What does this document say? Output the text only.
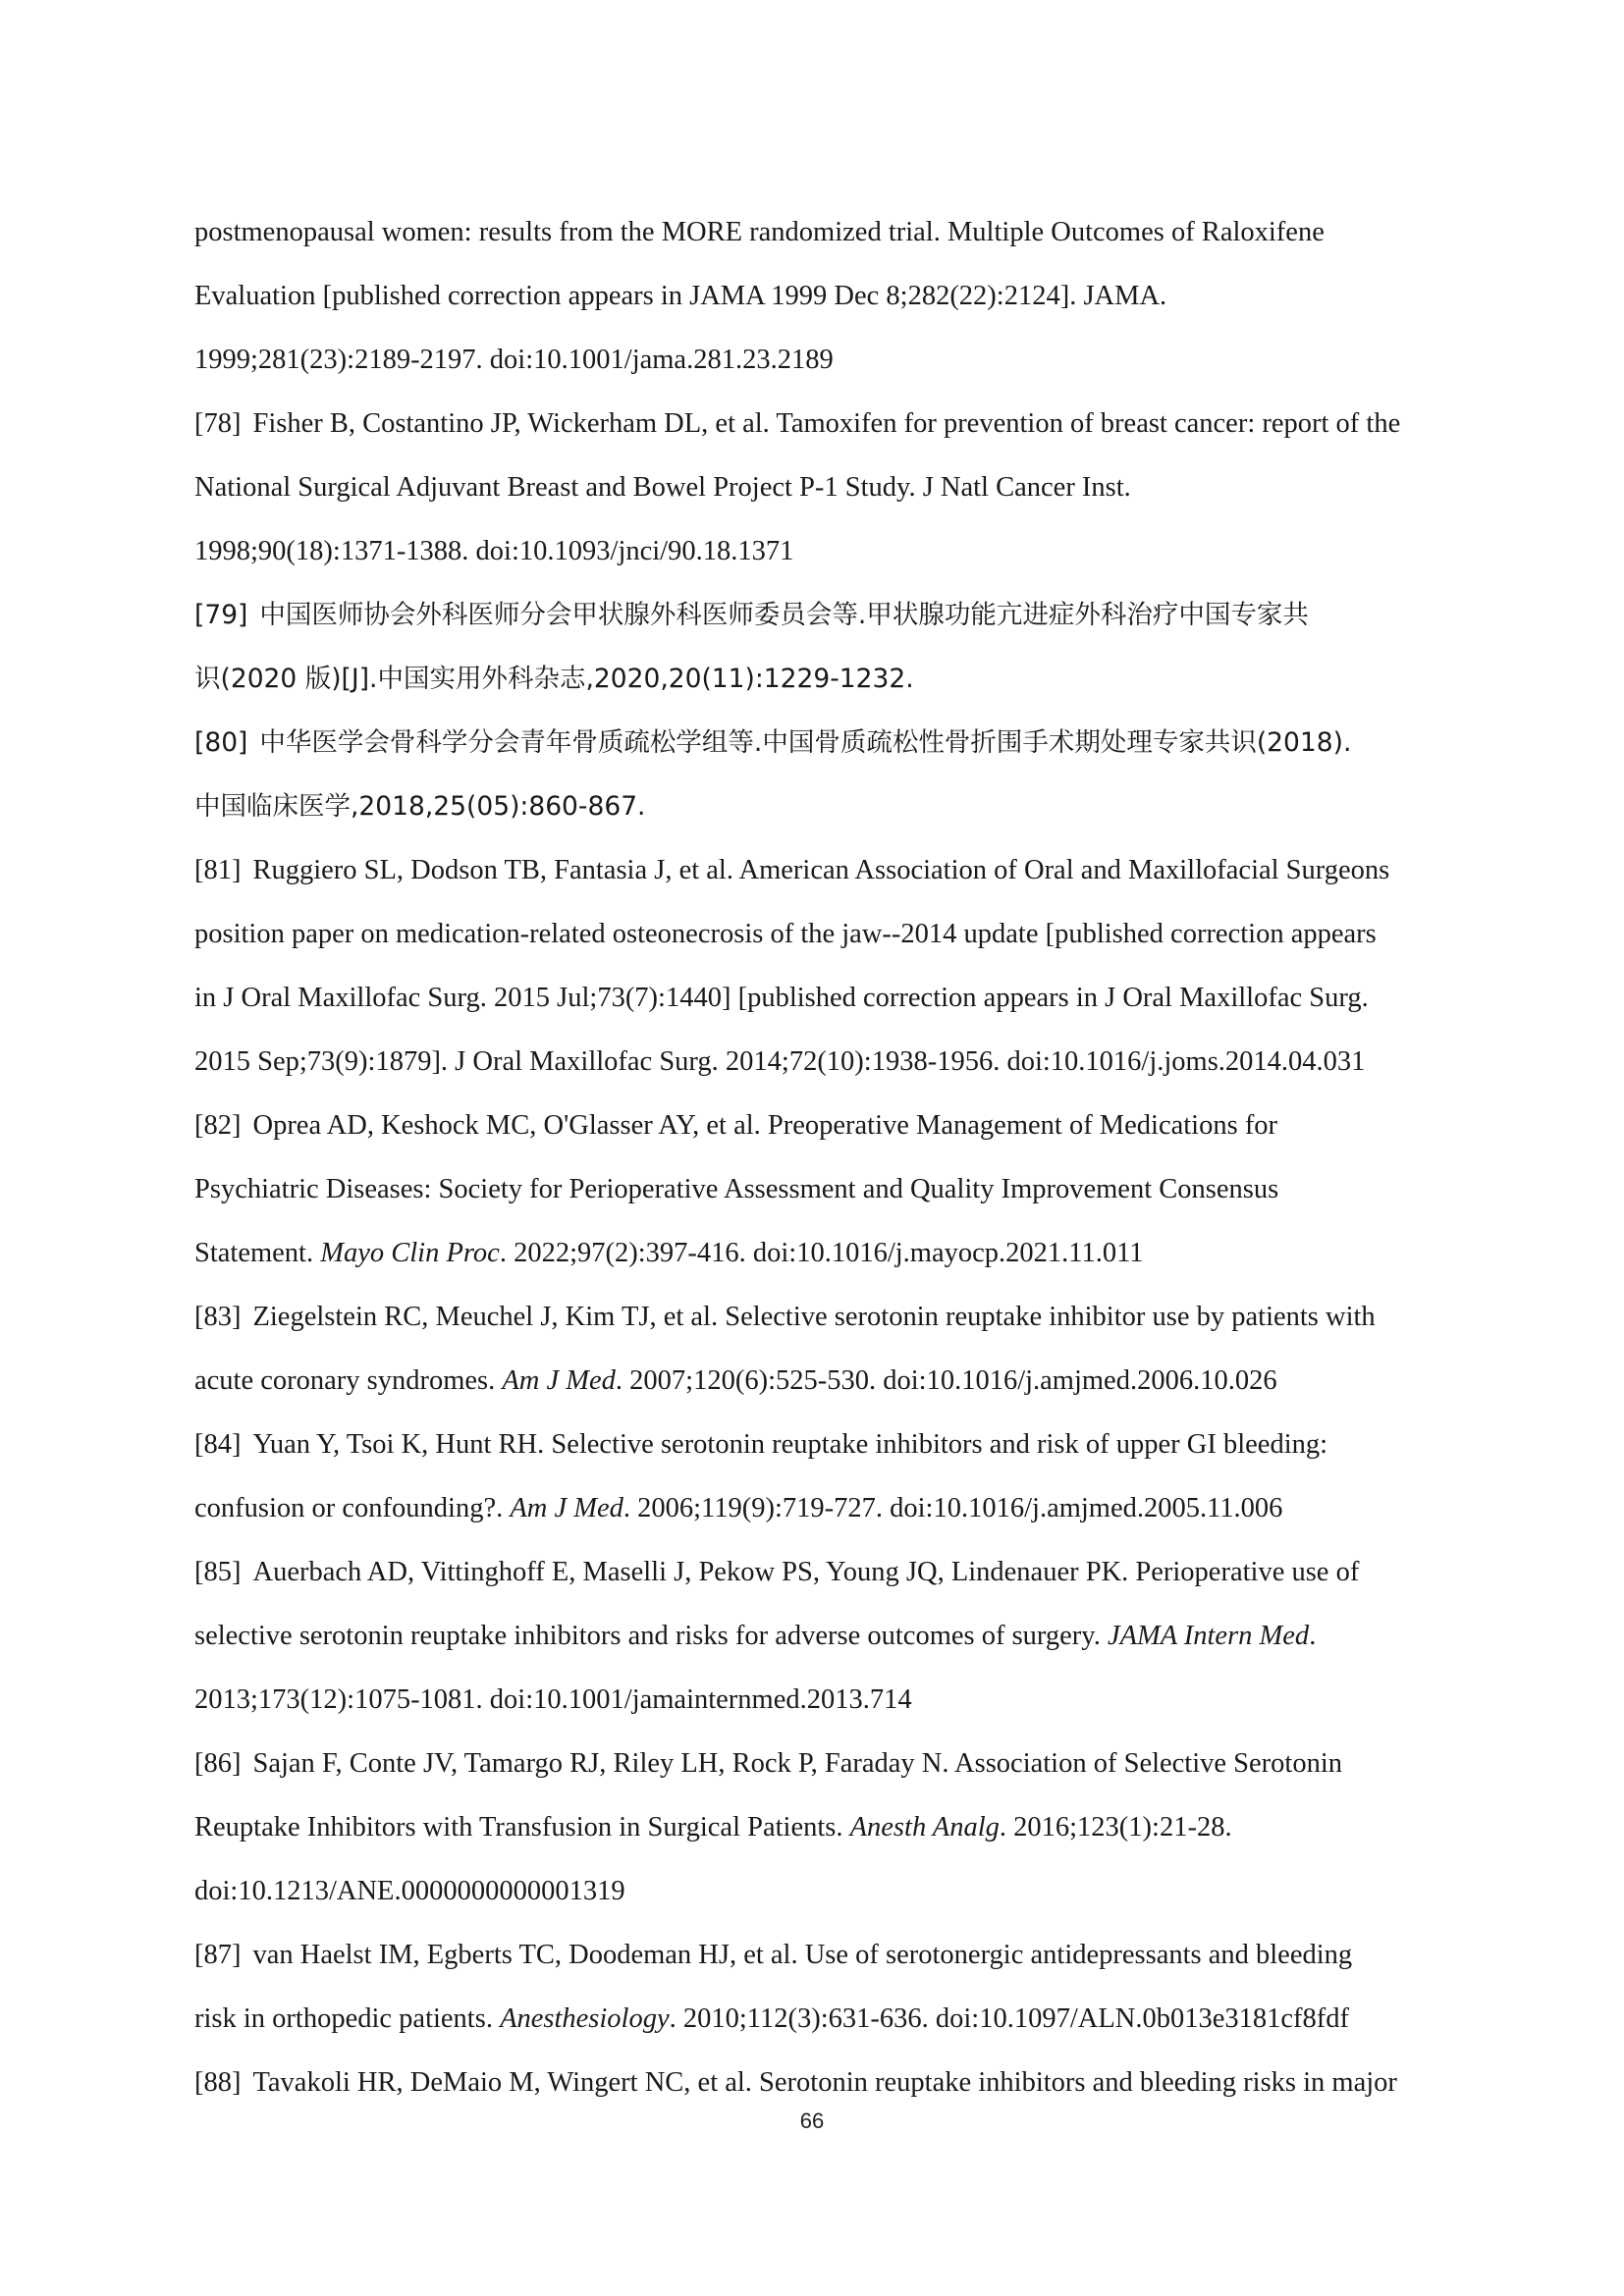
postmenopausal women: results from the MORE randomized trial. Multiple Outcomes of Raloxifene
Evaluation [published correction appears in JAMA 1999 Dec 8;282(22):2124]. JAMA.
1999;281(23):2189-2197. doi:10.1001/jama.281.23.2189
[78] Fisher B, Costantino JP, Wickerham DL, et al. Tamoxifen for prevention of breast cancer: report of the
National Surgical Adjuvant Breast and Bowel Project P-1 Study. J Natl Cancer Inst.
1998;90(18):1371-1388. doi:10.1093/jnci/90.18.1371
[79] 中国医师协会外科医师分会甲状腺外科医师委员会等.甲状腺功能亢进症外科治疗中国专家共
识(2020 版)[J].中国实用外科杂志,2020,20(11):1229-1232.
[80] 中华医学会骨科学分会青年骨质疏松学组等.中国骨质疏松性骨折围手术期处理专家共识(2018).
中国临床医学,2018,25(05):860-867.
[81] Ruggiero SL, Dodson TB, Fantasia J, et al. American Association of Oral and Maxillofacial Surgeons
position paper on medication-related osteonecrosis of the jaw--2014 update [published correction appears
in J Oral Maxillofac Surg. 2015 Jul;73(7):1440] [published correction appears in J Oral Maxillofac Surg.
2015 Sep;73(9):1879]. J Oral Maxillofac Surg. 2014;72(10):1938-1956. doi:10.1016/j.joms.2014.04.031
[82] Oprea AD, Keshock MC, O'Glasser AY, et al. Preoperative Management of Medications for
Psychiatric Diseases: Society for Perioperative Assessment and Quality Improvement Consensus
Statement. Mayo Clin Proc. 2022;97(2):397-416. doi:10.1016/j.mayocp.2021.11.011
[83] Ziegelstein RC, Meuchel J, Kim TJ, et al. Selective serotonin reuptake inhibitor use by patients with
acute coronary syndromes. Am J Med. 2007;120(6):525-530. doi:10.1016/j.amjmed.2006.10.026
[84] Yuan Y, Tsoi K, Hunt RH. Selective serotonin reuptake inhibitors and risk of upper GI bleeding:
confusion or confounding?. Am J Med. 2006;119(9):719-727. doi:10.1016/j.amjmed.2005.11.006
[85] Auerbach AD, Vittinghoff E, Maselli J, Pekow PS, Young JQ, Lindenauer PK. Perioperative use of
selective serotonin reuptake inhibitors and risks for adverse outcomes of surgery. JAMA Intern Med.
2013;173(12):1075-1081. doi:10.1001/jamainternmed.2013.714
[86] Sajan F, Conte JV, Tamargo RJ, Riley LH, Rock P, Faraday N. Association of Selective Serotonin
Reuptake Inhibitors with Transfusion in Surgical Patients. Anesth Analg. 2016;123(1):21-28.
doi:10.1213/ANE.0000000000001319
[87] van Haelst IM, Egberts TC, Doodeman HJ, et al. Use of serotonergic antidepressants and bleeding
risk in orthopedic patients. Anesthesiology. 2010;112(3):631-636. doi:10.1097/ALN.0b013e3181cf8fdf
[88] Tavakoli HR, DeMaio M, Wingert NC, et al. Serotonin reuptake inhibitors and bleeding risks in major
66
